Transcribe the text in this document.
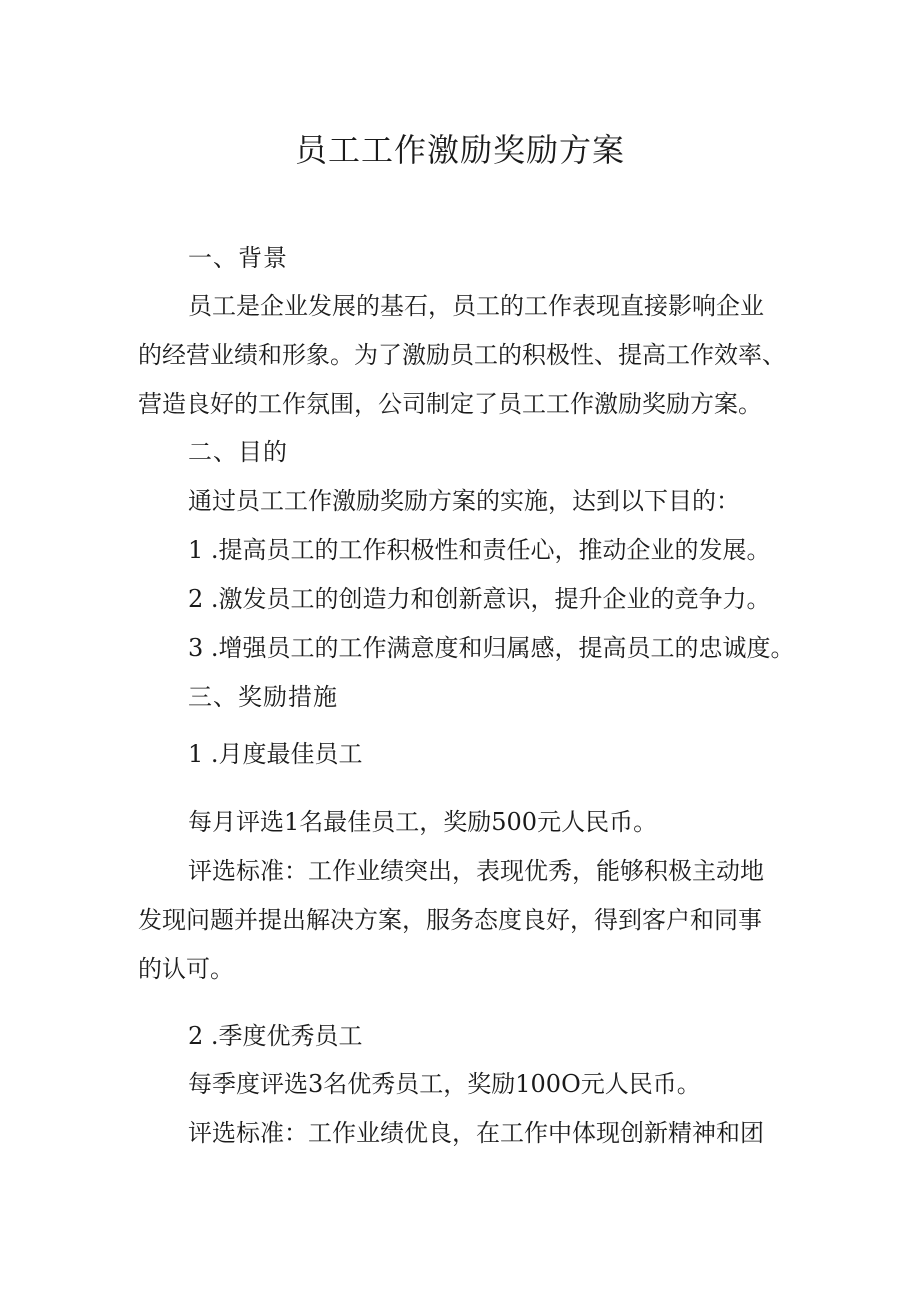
员工工作激励奖励方案

一、背景

员工是企业发展的基石，员工的工作表现直接影响企业

的经营业绩和形象。为了激励员工的积极性、提高工作效率、

营造良好的工作氛围，公司制定了员工工作激励奖励方案。

二、目的

通过员工工作激励奖励方案的实施，达到以下目的：

1 .提高员工的工作积极性和责任心，推动企业的发展。

2 .激发员工的创造力和创新意识，提升企业的竞争力。

3 .增强员工的工作满意度和归属感，提高员工的忠诚度。

三、奖励措施

1 .月度最佳员工

每月评选1名最佳员工，奖励500元人民币。

评选标准：工作业绩突出，表现优秀，能够积极主动地

发现问题并提出解决方案，服务态度良好，得到客户和同事

的认可。

2 .季度优秀员工

每季度评选3名优秀员工，奖励100O元人民币。

评选标准：工作业绩优良，在工作中体现创新精神和团
